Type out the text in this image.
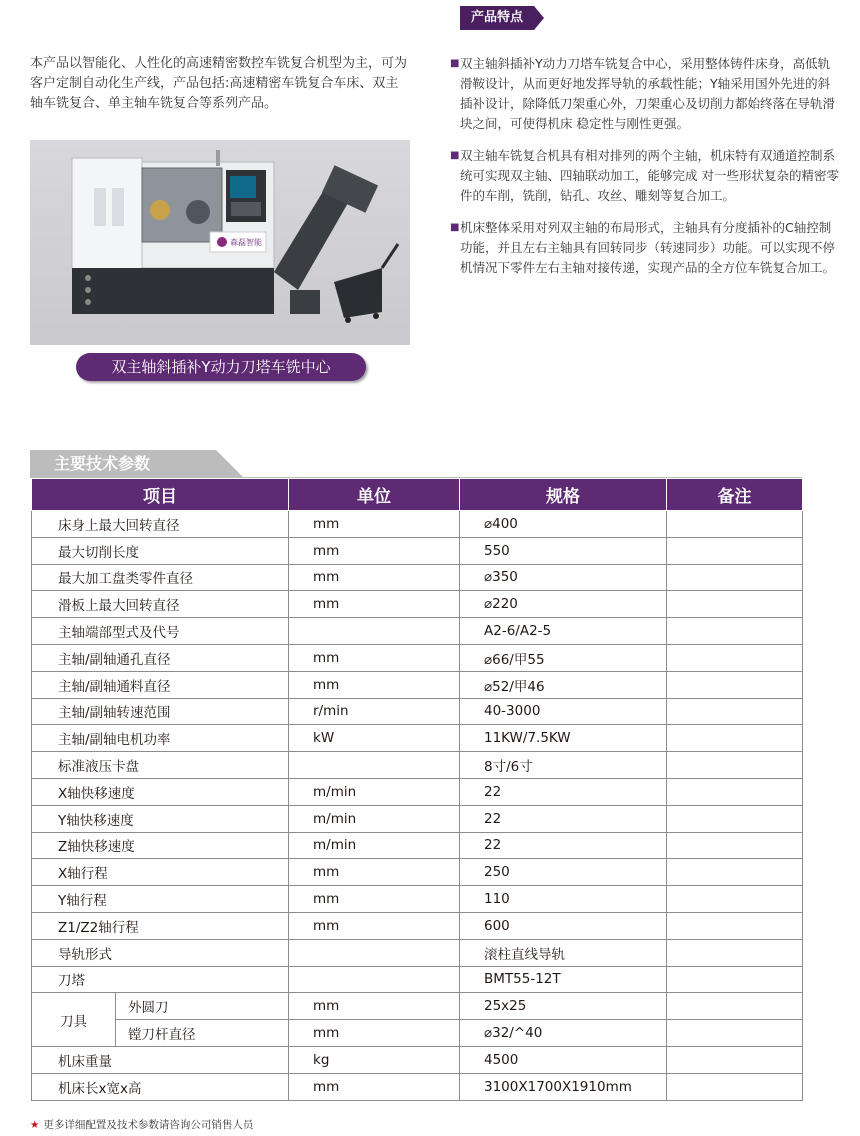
本产品以智能化、人性化的高速精密数控车铣复合机型为主，可为客户定制自动化生产线，产品包括:高速精密车铣复合车床、双主轴车铣复合、单主轴车铣复合等系列产品。
森磊智能
双主轴斜插补Y动力刀塔车铣中心
产品特点
■ 双主轴斜插补Y动力刀塔车铣复合中心，采用整体铸件床身，高低轨滑鞍设计，从而更好地发挥导轨的承载性能；Y轴采用国外先进的斜插补设计，除降低刀架重心外，刀架重心及切削力都始终落在导轨滑块之间，可使得机床 稳定性与刚性更强。
■ 双主轴车铣复合机具有相对排列的两个主轴，机床特有双通道控制系统可实现双主轴、四轴联动加工，能够完成 对一些形状复杂的精密零件的车削，铣削，钻孔、攻丝、雕刻等复合加工。
■ 机床整体采用对列双主轴的布局形式，主轴具有分度插补的C轴控制功能，并且左右主轴具有回转同步（转速同步）功能。可以实现不停机情况下零件左右主轴对接传递，实现产品的全方位车铣复合加工。
主要技术参数
项目		单位	规格	备注
床身上最大回转直径		mm	⌀400	
最大切削长度		mm	550	
最大加工盘类零件直径		mm	⌀350	
滑板上最大回转直径		mm	⌀220	
主轴端部型式及代号			A2-6/A2-5	
主轴/副轴通孔直径		mm	⌀66/甲55	
主轴/副轴通料直径		mm	⌀52/甲46	
主轴/副轴转速范围		r/min	40-3000	
主轴/副轴电机功率		kW	11KW/7.5KW	
标准液压卡盘			8寸/6寸	
X轴快移速度		m/min	22	
Y轴快移速度		m/min	22	
Z轴快移速度		m/min	22	
X轴行程		mm	250	
Y轴行程		mm	110	
Z1/Z2轴行程		mm	600	
导轨形式			滚柱直线导轨	
刀塔			BMT55-12T	
刀具	外圆刀	mm	25x25	
	镗刀杆直径	mm	⌀32/^40	
机床重量		kg	4500	
机床长x宽x高		mm	3100X1700X1910mm	
★ 更多详细配置及技术参数请咨询公司销售人员
